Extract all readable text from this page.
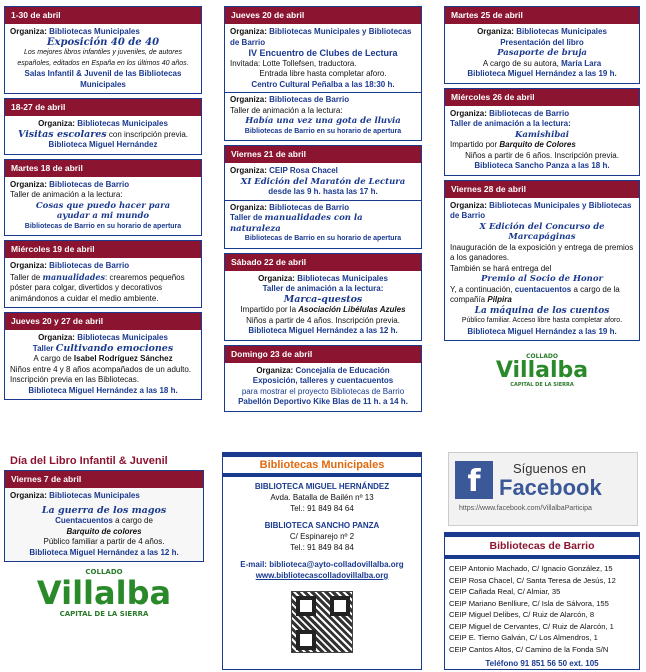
1-30 de abril
Organiza: Bibliotecas Municipales
Exposición 40 de 40
Los mejores libros infantiles y juveniles, de autores españoles, editados en España en los últimos 40 años.
Salas Infantil & Juvenil de las Bibliotecas Municipales
18-27 de abril
Organiza: Bibliotecas Municipales
Visitas escolares con inscripción previa.
Biblioteca Miguel Hernández
Martes 18 de abril
Organiza: Bibliotecas de Barrio
Taller de animación a la lectura:
Cosas que puedo hacer para ayudar a mi mundo
Bibliotecas de Barrio en su horario de apertura
Miércoles 19 de abril
Organiza: Bibliotecas de Barrio
Taller de manualidades: crearemos pequeños póster para colgar, divertidos y decorativos animándonos a cuidar el medio ambiente.
Jueves 20 y 27 de abril
Organiza: Bibliotecas Municipales
Taller Cultivando emociones
A cargo de Isabel Rodríguez Sánchez
Niños entre 4 y 8 años acompañados de un adulto. Inscripción previa en las Bibliotecas.
Biblioteca Miguel Hernández a las 18 h.
Jueves 20 de abril
Organiza: Bibliotecas Municipales y Bibliotecas de Barrio
IV Encuentro de Clubes de Lectura
Invitada: Lotte Tollefsen, traductora.
Entrada libre hasta completar aforo.
Centro Cultural Peñalba a las 18:30 h.
Organiza: Bibliotecas de Barrio
Taller de animación a la lectura:
Había una vez una gota de lluvia
Bibliotecas de Barrio en su horario de apertura
Viernes 21 de abril
Organiza: CEIP Rosa Chacel
XI Edición del Maratón de Lectura
desde las 9 h. hasta las 17 h.
Organiza: Bibliotecas de Barrio
Taller de manualidades con la naturaleza
Bibliotecas de Barrio en su horario de apertura
Sábado 22 de abril
Organiza: Bibliotecas Municipales
Taller de animación a la lectura:
Marca-questos
Impartido por la Asociación Libélulas Azules
Niños a partir de 4 años. Inscripción previa.
Biblioteca Miguel Hernández a las 12 h.
Domingo 23 de abril
Organiza: Concejalía de Educación
Exposición, talleres y cuentacuentos
para mostrar el proyecto Bibliotecas de Barrio
Pabellón Deportivo Kike Blas de 11 h. a 14 h.
Martes 25 de abril
Organiza: Bibliotecas Municipales
Presentación del libro
Pasaporte de bruja
A cargo de su autora, María Lara
Biblioteca Miguel Hernández a las 19 h.
Miércoles 26 de abril
Organiza: Bibliotecas de Barrio
Taller de animación a la lectura:
Kamishibai
Impartido por Barquito de Colores
Niños a partir de 6 años. Inscripción previa.
Biblioteca Sancho Panza a las 18 h.
Viernes 28 de abril
Organiza: Bibliotecas Municipales y Bibliotecas de Barrio
X Edición del Concurso de Marcapáginas
Inauguración de la exposición y entrega de premios a los ganadores.
También se hará entrega del
Premio al Socio de Honor
Y, a continuación, cuentacuentos a cargo de la compañía Pilpira
La máquina de los cuentos
Público familiar. Acceso libre hasta completar aforo.
Biblioteca Miguel Hernández a las 19 h.
COLLADO
Villalba
CAPITAL DE LA SIERRA
Día del Libro Infantil & Juvenil
Viernes 7 de abril
Organiza: Bibliotecas Municipales
La guerra de los magos
Cuentacuentos a cargo de
Barquito de colores
Público familiar a partir de 4 años.
Biblioteca Miguel Hernández a las 12 h.
COLLADO
Villalba
CAPITAL DE LA SIERRA
Bibliotecas Municipales
BIBLIOTECA MIGUEL HERNÁNDEZ
Avda. Batalla de Bailén nº 13
Tel.: 91 849 84 64
BIBLIOTECA SANCHO PANZA
C/ Espinarejo nº 2
Tel.: 91 849 84 84
E-mail: biblioteca@ayto-colladovillalba.org
www.bibliotecascolladovillalba.org
f	Síguenos en
Facebook
https://www.facebook.com/VillalbaParticipa
Bibliotecas de Barrio
CEIP Antonio Machado, C/ Ignacio González, 15
CEIP Rosa Chacel, C/ Santa Teresa de Jesús, 12
CEIP Cañada Real, C/ Almiar, 35
CEIP Mariano Benlliure, C/ Isla de Sálvora, 155
CEIP Miguel Delibes, C/ Ruiz de Alarcón, 8
CEIP Miguel de Cervantes, C/ Ruiz de Alarcón, 1
CEIP E. Tierno Galván, C/ Los Almendros, 1
CEIP Cantos Altos, C/ Camino de la Fonda S/N
Teléfono 91 851 56 50 ext. 105
